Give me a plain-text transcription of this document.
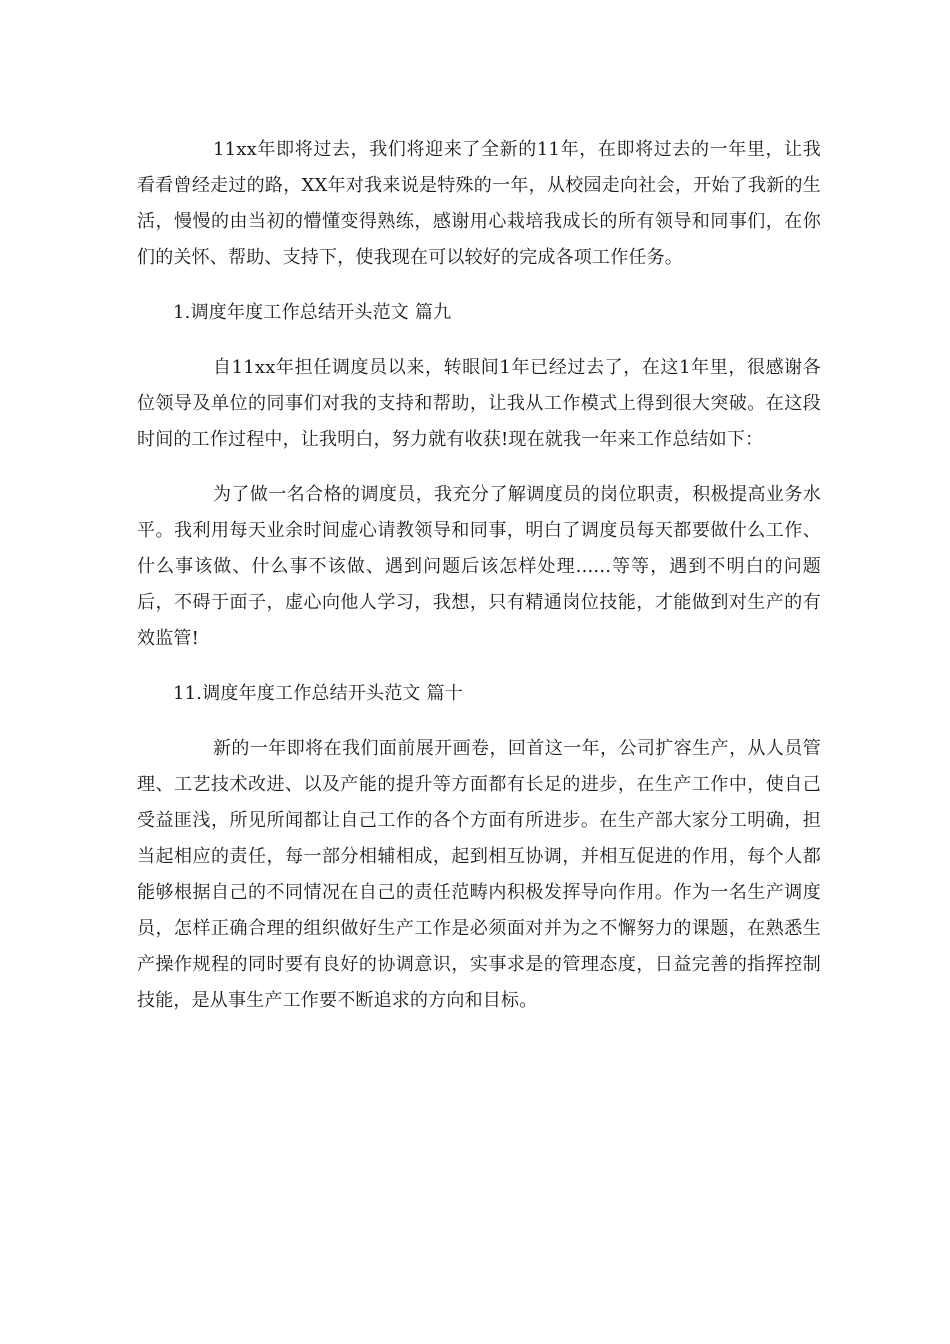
11xx年即将过去，我们将迎来了全新的11年，在即将过去的一年里，让我看看曾经走过的路，XX年对我来说是特殊的一年，从校园走向社会，开始了我新的生活，慢慢的由当初的懵懂变得熟练，感谢用心栽培我成长的所有领导和同事们，在你们的关怀、帮助、支持下，使我现在可以较好的完成各项工作任务。

1.调度年度工作总结开头范文 篇九

自11xx年担任调度员以来，转眼间1年已经过去了，在这1年里，很感谢各位领导及单位的同事们对我的支持和帮助，让我从工作模式上得到很大突破。在这段时间的工作过程中，让我明白，努力就有收获!现在就我一年来工作总结如下：

为了做一名合格的调度员，我充分了解调度员的岗位职责，积极提高业务水平。我利用每天业余时间虚心请教领导和同事，明白了调度员每天都要做什么工作、什么事该做、什么事不该做、遇到问题后该怎样处理......等等，遇到不明白的问题后，不碍于面子，虚心向他人学习，我想，只有精通岗位技能，才能做到对生产的有效监管!

11.调度年度工作总结开头范文 篇十

新的一年即将在我们面前展开画卷，回首这一年，公司扩容生产，从人员管理、工艺技术改进、以及产能的提升等方面都有长足的进步，在生产工作中，使自己受益匪浅，所见所闻都让自己工作的各个方面有所进步。在生产部大家分工明确，担当起相应的责任，每一部分相辅相成，起到相互协调，并相互促进的作用，每个人都能够根据自己的不同情况在自己的责任范畴内积极发挥导向作用。作为一名生产调度员，怎样正确合理的组织做好生产工作是必须面对并为之不懈努力的课题，在熟悉生产操作规程的同时要有良好的协调意识，实事求是的管理态度，日益完善的指挥控制技能，是从事生产工作要不断追求的方向和目标。
